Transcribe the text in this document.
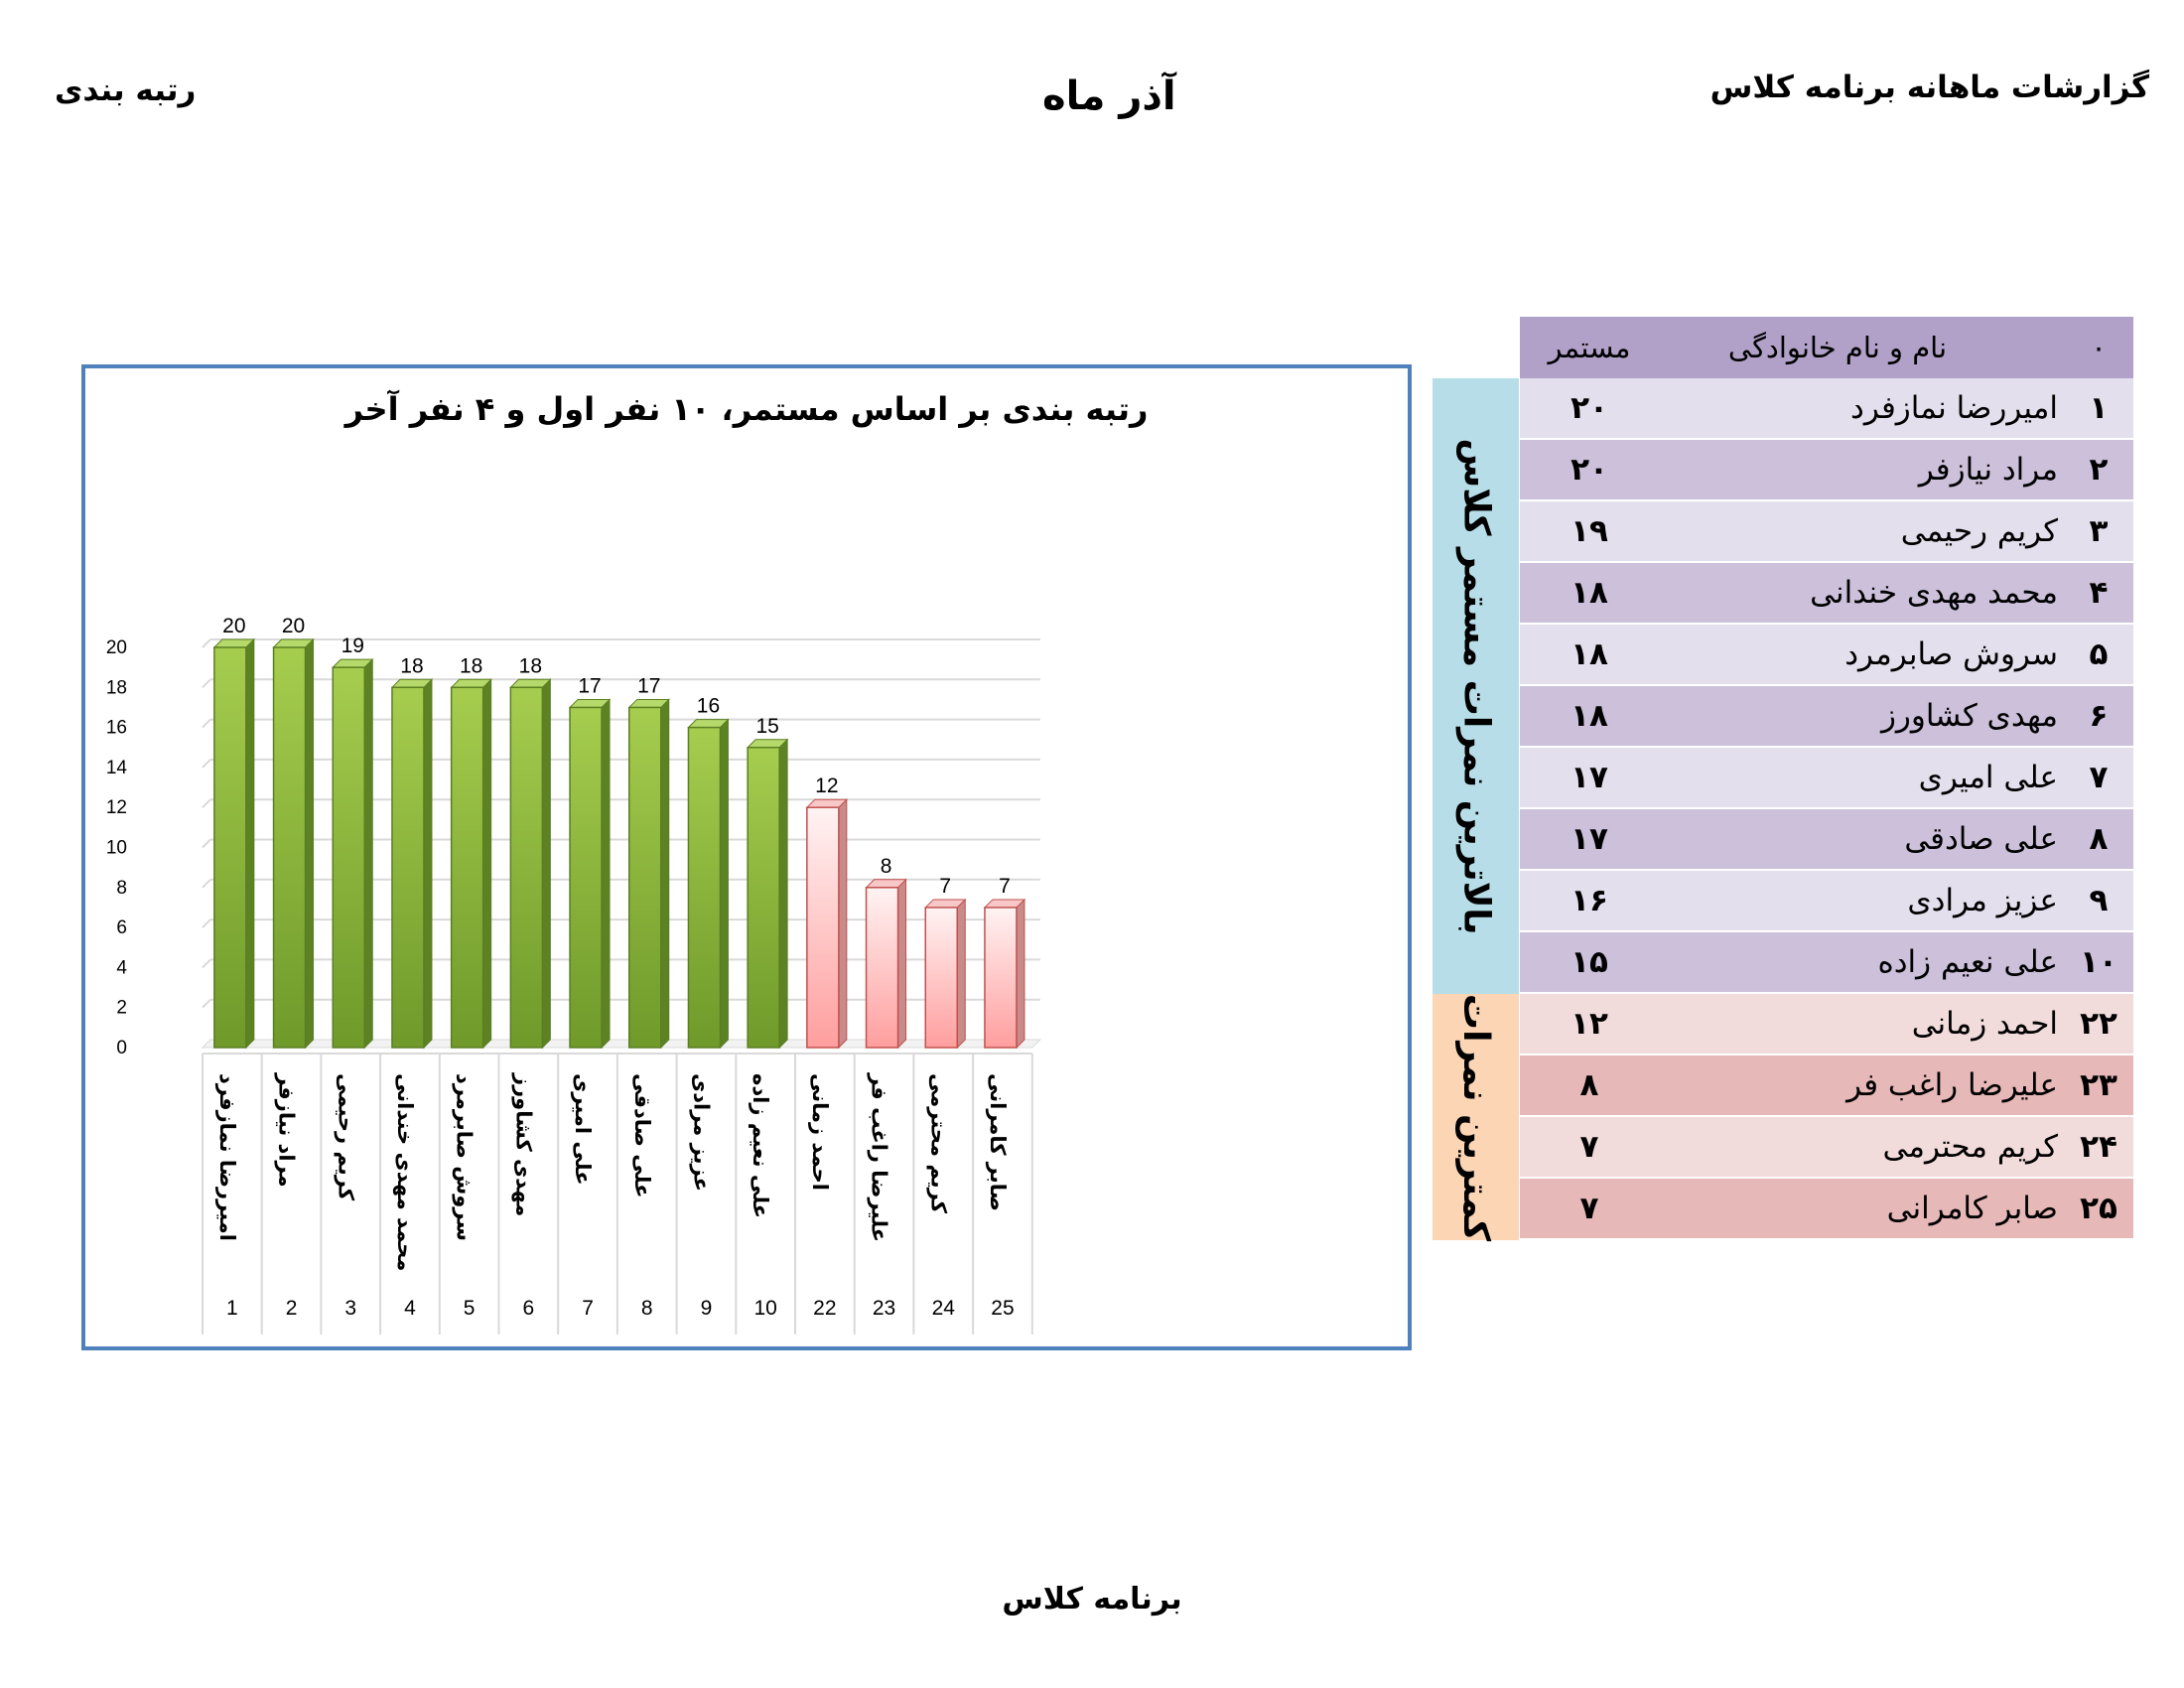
گزارشات ماهانه برنامه کلاس
آذر ماه
رتبه بندی
رتبه بندی بر اساس مستمر، ۱۰ نفر اول و ۴ نفر آخر
0
2
4
6
8
10
12
14
16
18
20
20 20
19
18 18 18
17 17
16
15
12
8
7 7
امیررضا نمازفرد
1
مراد نیازفر
2
کریم رحیمی
3
محمد مهدی خندانی
4
سروش صابرمرد
5
مهدی کشاورز
6
علی امیری
7
علی صادقی
8
عزیز مرادی
9
علی نعیم زاده
10
احمد زمانی
22
علیرضا راغب فر
23
کریم محترمی
24
صابر کامرانی
25
مستمر	نام و نام خانوادگی	۰
۲۰	امیررضا نمازفرد	۱
۲۰	مراد نیازفر	۲
۱۹	کریم رحیمی	۳
۱۸	محمد مهدی خندانی	۴
۱۸	سروش صابرمرد	۵
۱۸	مهدی کشاورز	۶
۱۷	علی امیری	۷
۱۷	علی صادقی	۸
۱۶	عزیز مرادی	۹
۱۵	علی نعیم زاده ۱۰
۱۲	احمد زمانی ۲۲
۸	علیرضا راغب فر ۲۳
۷	کریم محترمی ۲۴
۷	صابر کامرانی ۲۵
بالاترین نمرات مستمر کلاس
کمترین نمرات
برنامه کلاس
